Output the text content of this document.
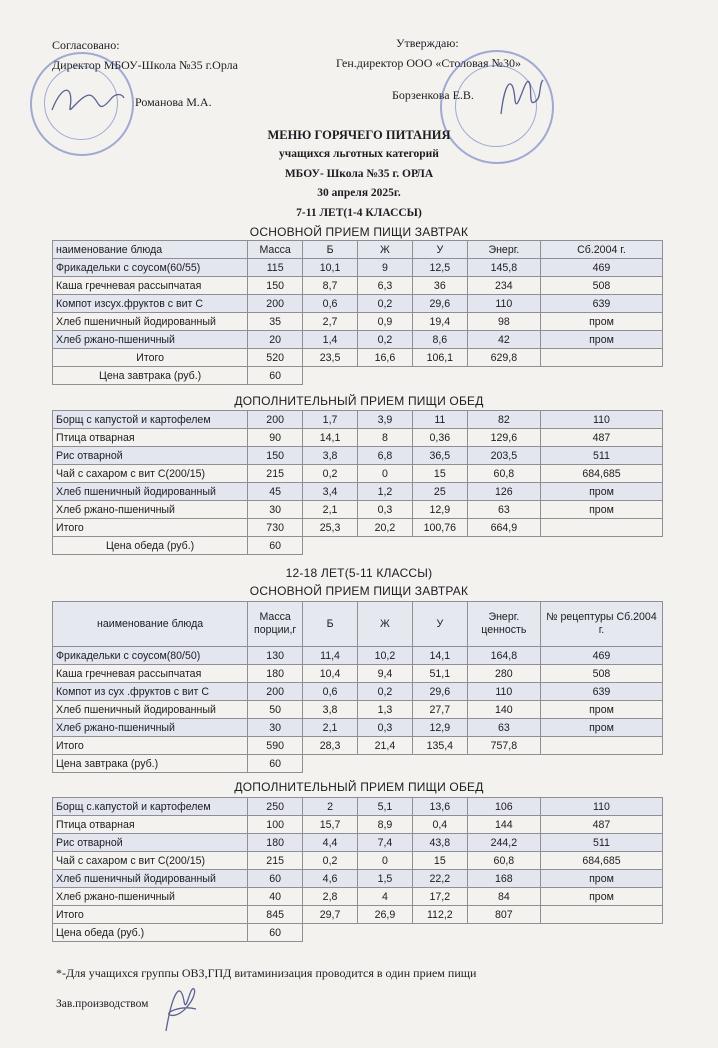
Согласовано:
Директор МБОУ-Школа №35 г.Орла
Романова М.А.
Утверждаю:
Ген.директор ООО «Столовая №30»
Борзенкова Е.В.
МЕНЮ ГОРЯЧЕГО ПИТАНИЯ
учащихся льготных категорий
МБОУ- Школа №35 г. ОРЛА
30 апреля 2025г.
7-11 ЛЕТ(1-4 КЛАССЫ)
ОСНОВНОЙ ПРИЕМ ПИЩИ ЗАВТРАК
наименование блюда	Масса	Б	Ж	У	Энерг.	Сб.2004 г.
Фрикадельки с соусом(60/55)	115	10,1	9	12,5	145,8	469
Каша гречневая рассыпчатая	150	8,7	6,3	36	234	508
Компот изсух.фруктов с вит С	200	0,6	0,2	29,6	110	639
Хлеб пшеничный йодированный	35	2,7	0,9	19,4	98	пром
Хлеб ржано-пшеничный	20	1,4	0,2	8,6	42	пром
Итого	520	23,5	16,6	106,1	629,8	
Цена завтрака (руб.)	60					
ДОПОЛНИТЕЛЬНЫЙ ПРИЕМ ПИЩИ ОБЕД
Борщ с капустой и картофелем	200	1,7	3,9	11	82	110
Птица отварная	90	14,1	8	0,36	129,6	487
Рис отварной	150	3,8	6,8	36,5	203,5	511
Чай с сахаром с вит С(200/15)	215	0,2	0	15	60,8	684,685
Хлеб пшеничный йодированный	45	3,4	1,2	25	126	пром
Хлеб ржано-пшеничный	30	2,1	0,3	12,9	63	пром
Итого	730	25,3	20,2	100,76	664,9	
Цена обеда (руб.)	60					
12-18 ЛЕТ(5-11 КЛАССЫ)
ОСНОВНОЙ ПРИЕМ ПИЩИ ЗАВТРАК
наименование блюда	Масса порции,г	Б	Ж	У	Энерг. ценность	№ рецептуры Сб.2004 г.
Фрикадельки с соусом(80/50)	130	11,4	10,2	14,1	164,8	469
Каша гречневая рассыпчатая	180	10,4	9,4	51,1	280	508
Компот из сух .фруктов с вит С	200	0,6	0,2	29,6	110	639
Хлеб пшеничный йодированный	50	3,8	1,3	27,7	140	пром
Хлеб ржано-пшеничный	30	2,1	0,3	12,9	63	пром
Итого	590	28,3	21,4	135,4	757,8	
Цена завтрака (руб.)	60					
ДОПОЛНИТЕЛЬНЫЙ ПРИЕМ ПИЩИ ОБЕД
Борщ с.капустой и картофелем	250	2	5,1	13,6	106	110
Птица отварная	100	15,7	8,9	0,4	144	487
Рис отварной	180	4,4	7,4	43,8	244,2	511
Чай с сахаром с вит С(200/15)	215	0,2	0	15	60,8	684,685
Хлеб пшеничный йодированный	60	4,6	1,5	22,2	168	пром
Хлеб ржано-пшеничный	40	2,8	4	17,2	84	пром
Итого	845	29,7	26,9	112,2	807	
Цена обеда (руб.)	60					
*-Для учащихся группы ОВЗ,ГПД витаминизация проводится в один прием пищи
Зав.производством
